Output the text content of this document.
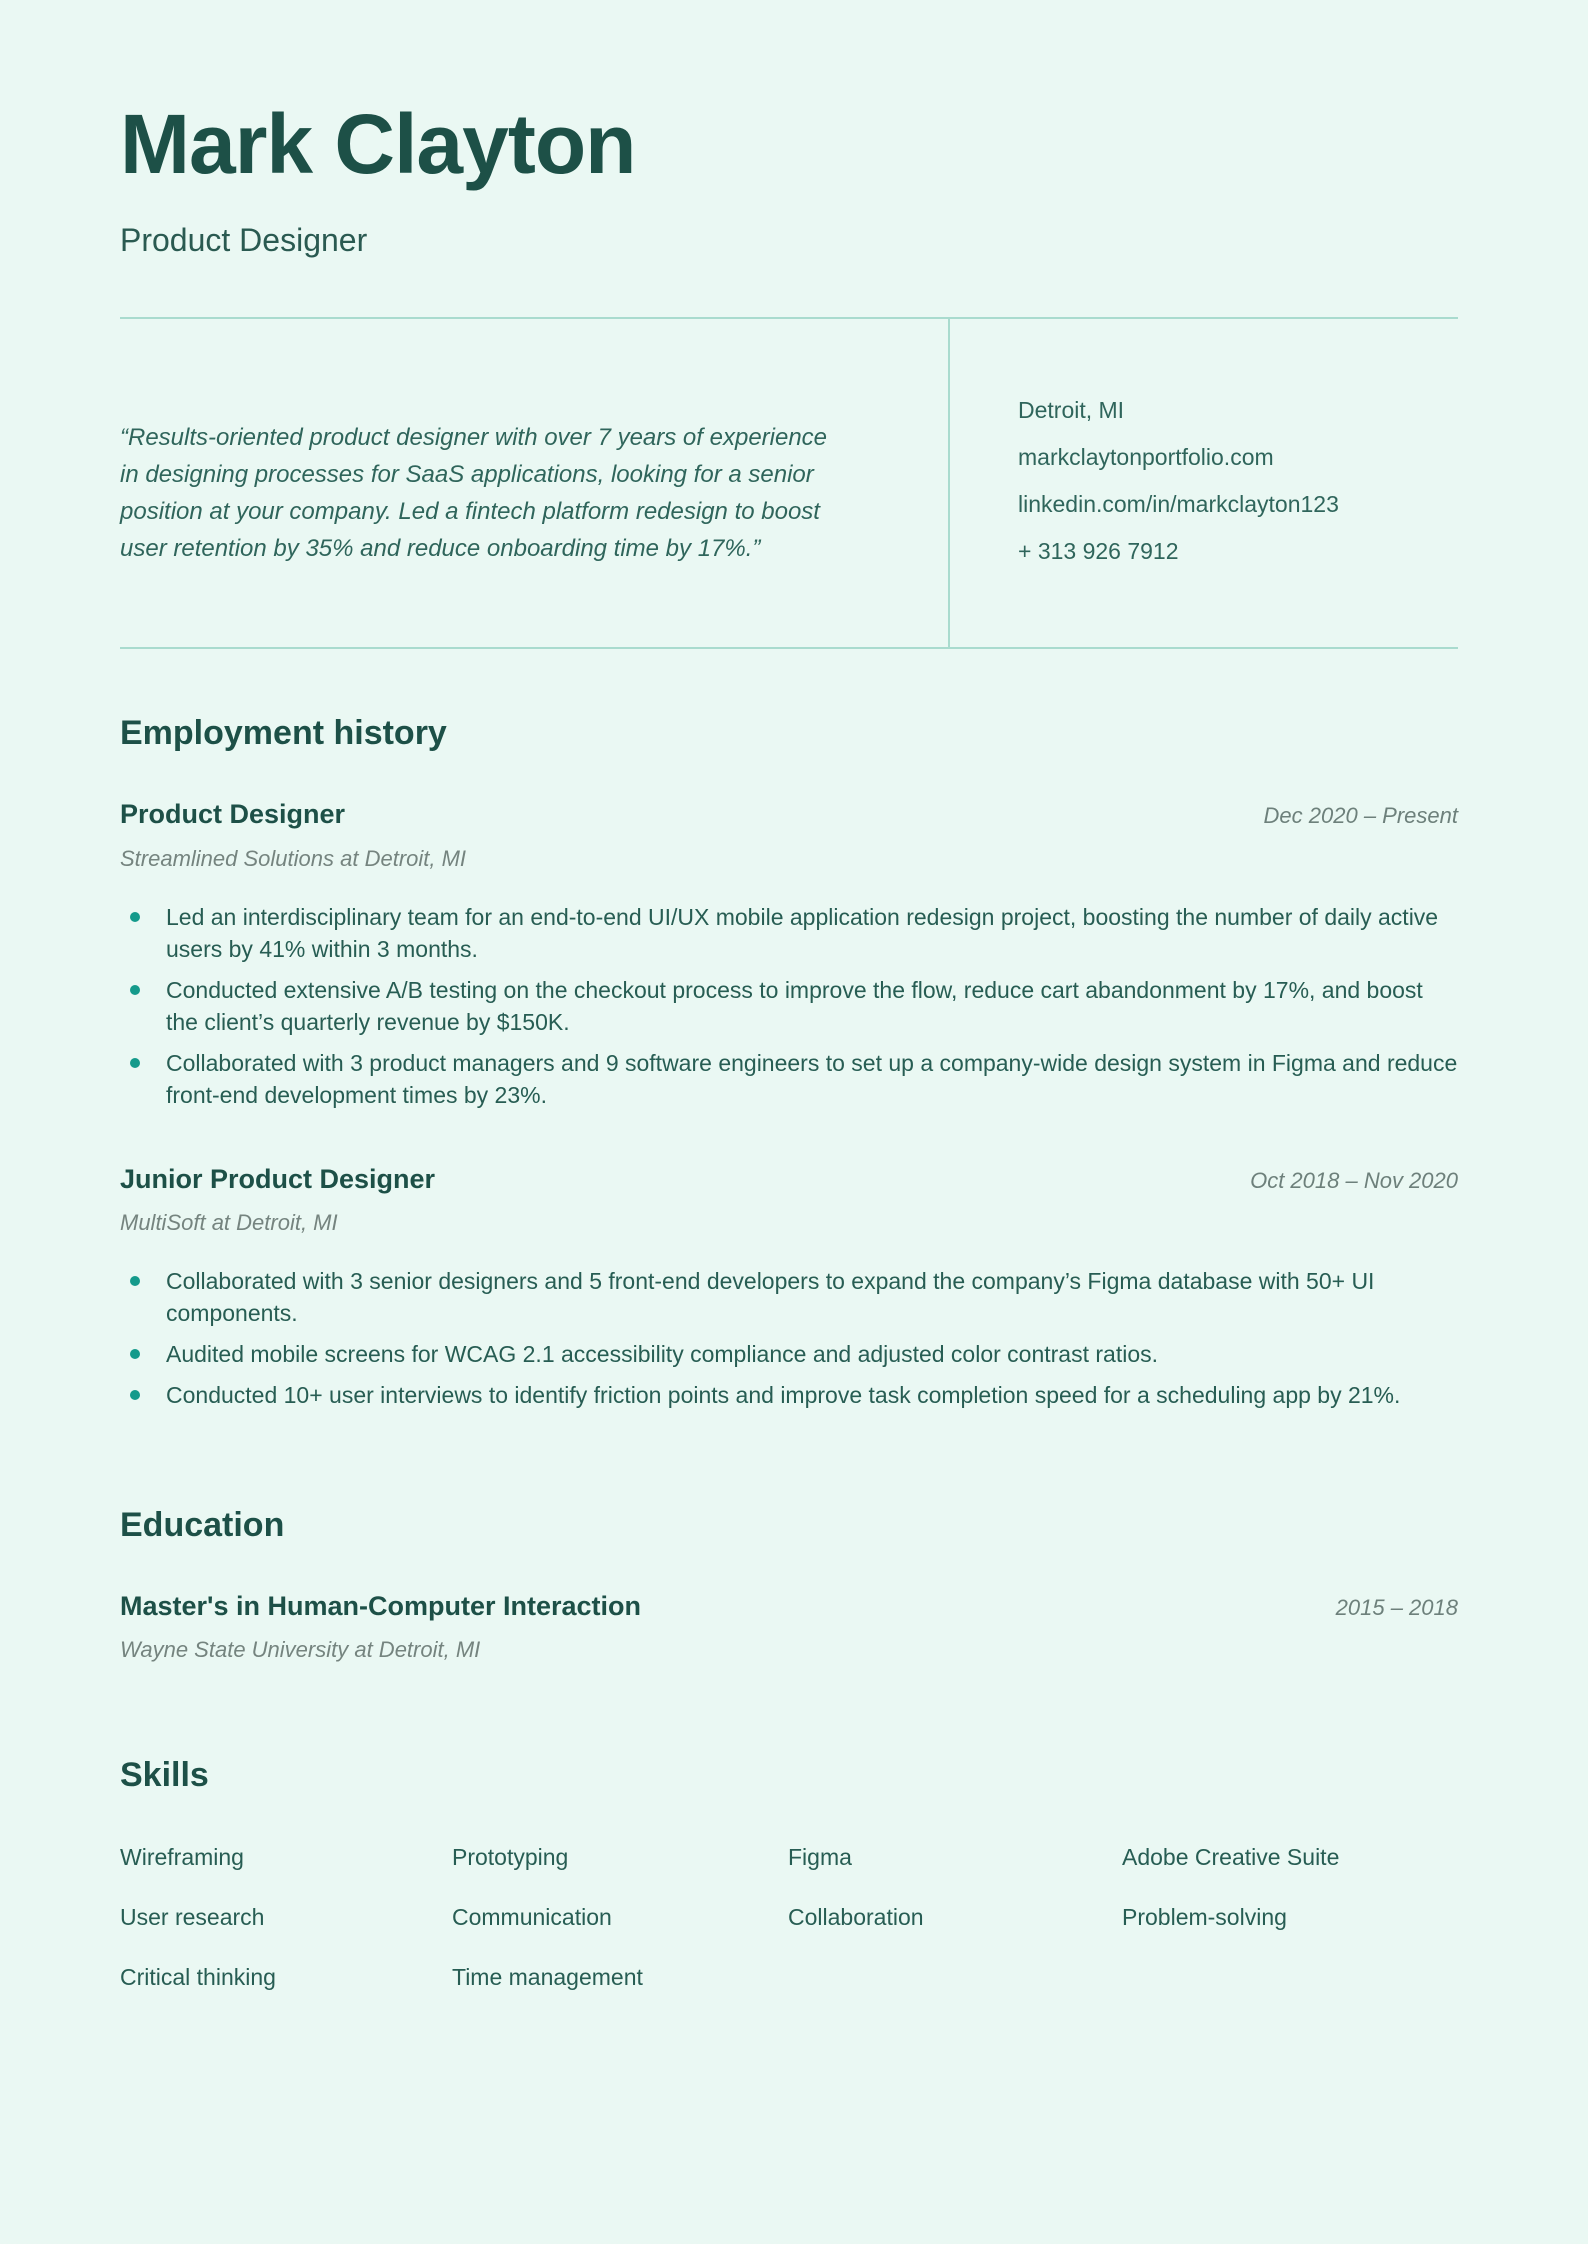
Mark Clayton
Product Designer

“Results-oriented product designer with over 7 years of experience in designing processes for SaaS applications, looking for a senior position at your company. Led a fintech platform redesign to boost user retention by 35% and reduce onboarding time by 17%.”

Detroit, MI
markclaytonportfolio.com
linkedin.com/in/markclayton123
+ 313 926 7912
Employment history
Product Designer	Dec 2020 – Present
Streamlined Solutions at Detroit, MI
Led an interdisciplinary team for an end-to-end UI/UX mobile application redesign project, boosting the number of daily active users by 41% within 3 months.
Conducted extensive A/B testing on the checkout process to improve the flow, reduce cart abandonment by 17%, and boost the client’s quarterly revenue by $150K.
Collaborated with 3 product managers and 9 software engineers to set up a company-wide design system in Figma and reduce front-end development times by 23%.
Junior Product Designer	Oct 2018 – Nov 2020
MultiSoft at Detroit, MI
Collaborated with 3 senior designers and 5 front-end developers to expand the company’s Figma database with 50+ UI components.
Audited mobile screens for WCAG 2.1 accessibility compliance and adjusted color contrast ratios.
Conducted 10+ user interviews to identify friction points and improve task completion speed for a scheduling app by 21%.
Education
Master's in Human-Computer Interaction	2015 – 2018
Wayne State University at Detroit, MI
Skills
Wireframing	Prototyping	Figma	Adobe Creative Suite
User research	Communication	Collaboration	Problem-solving
Critical thinking	Time management
